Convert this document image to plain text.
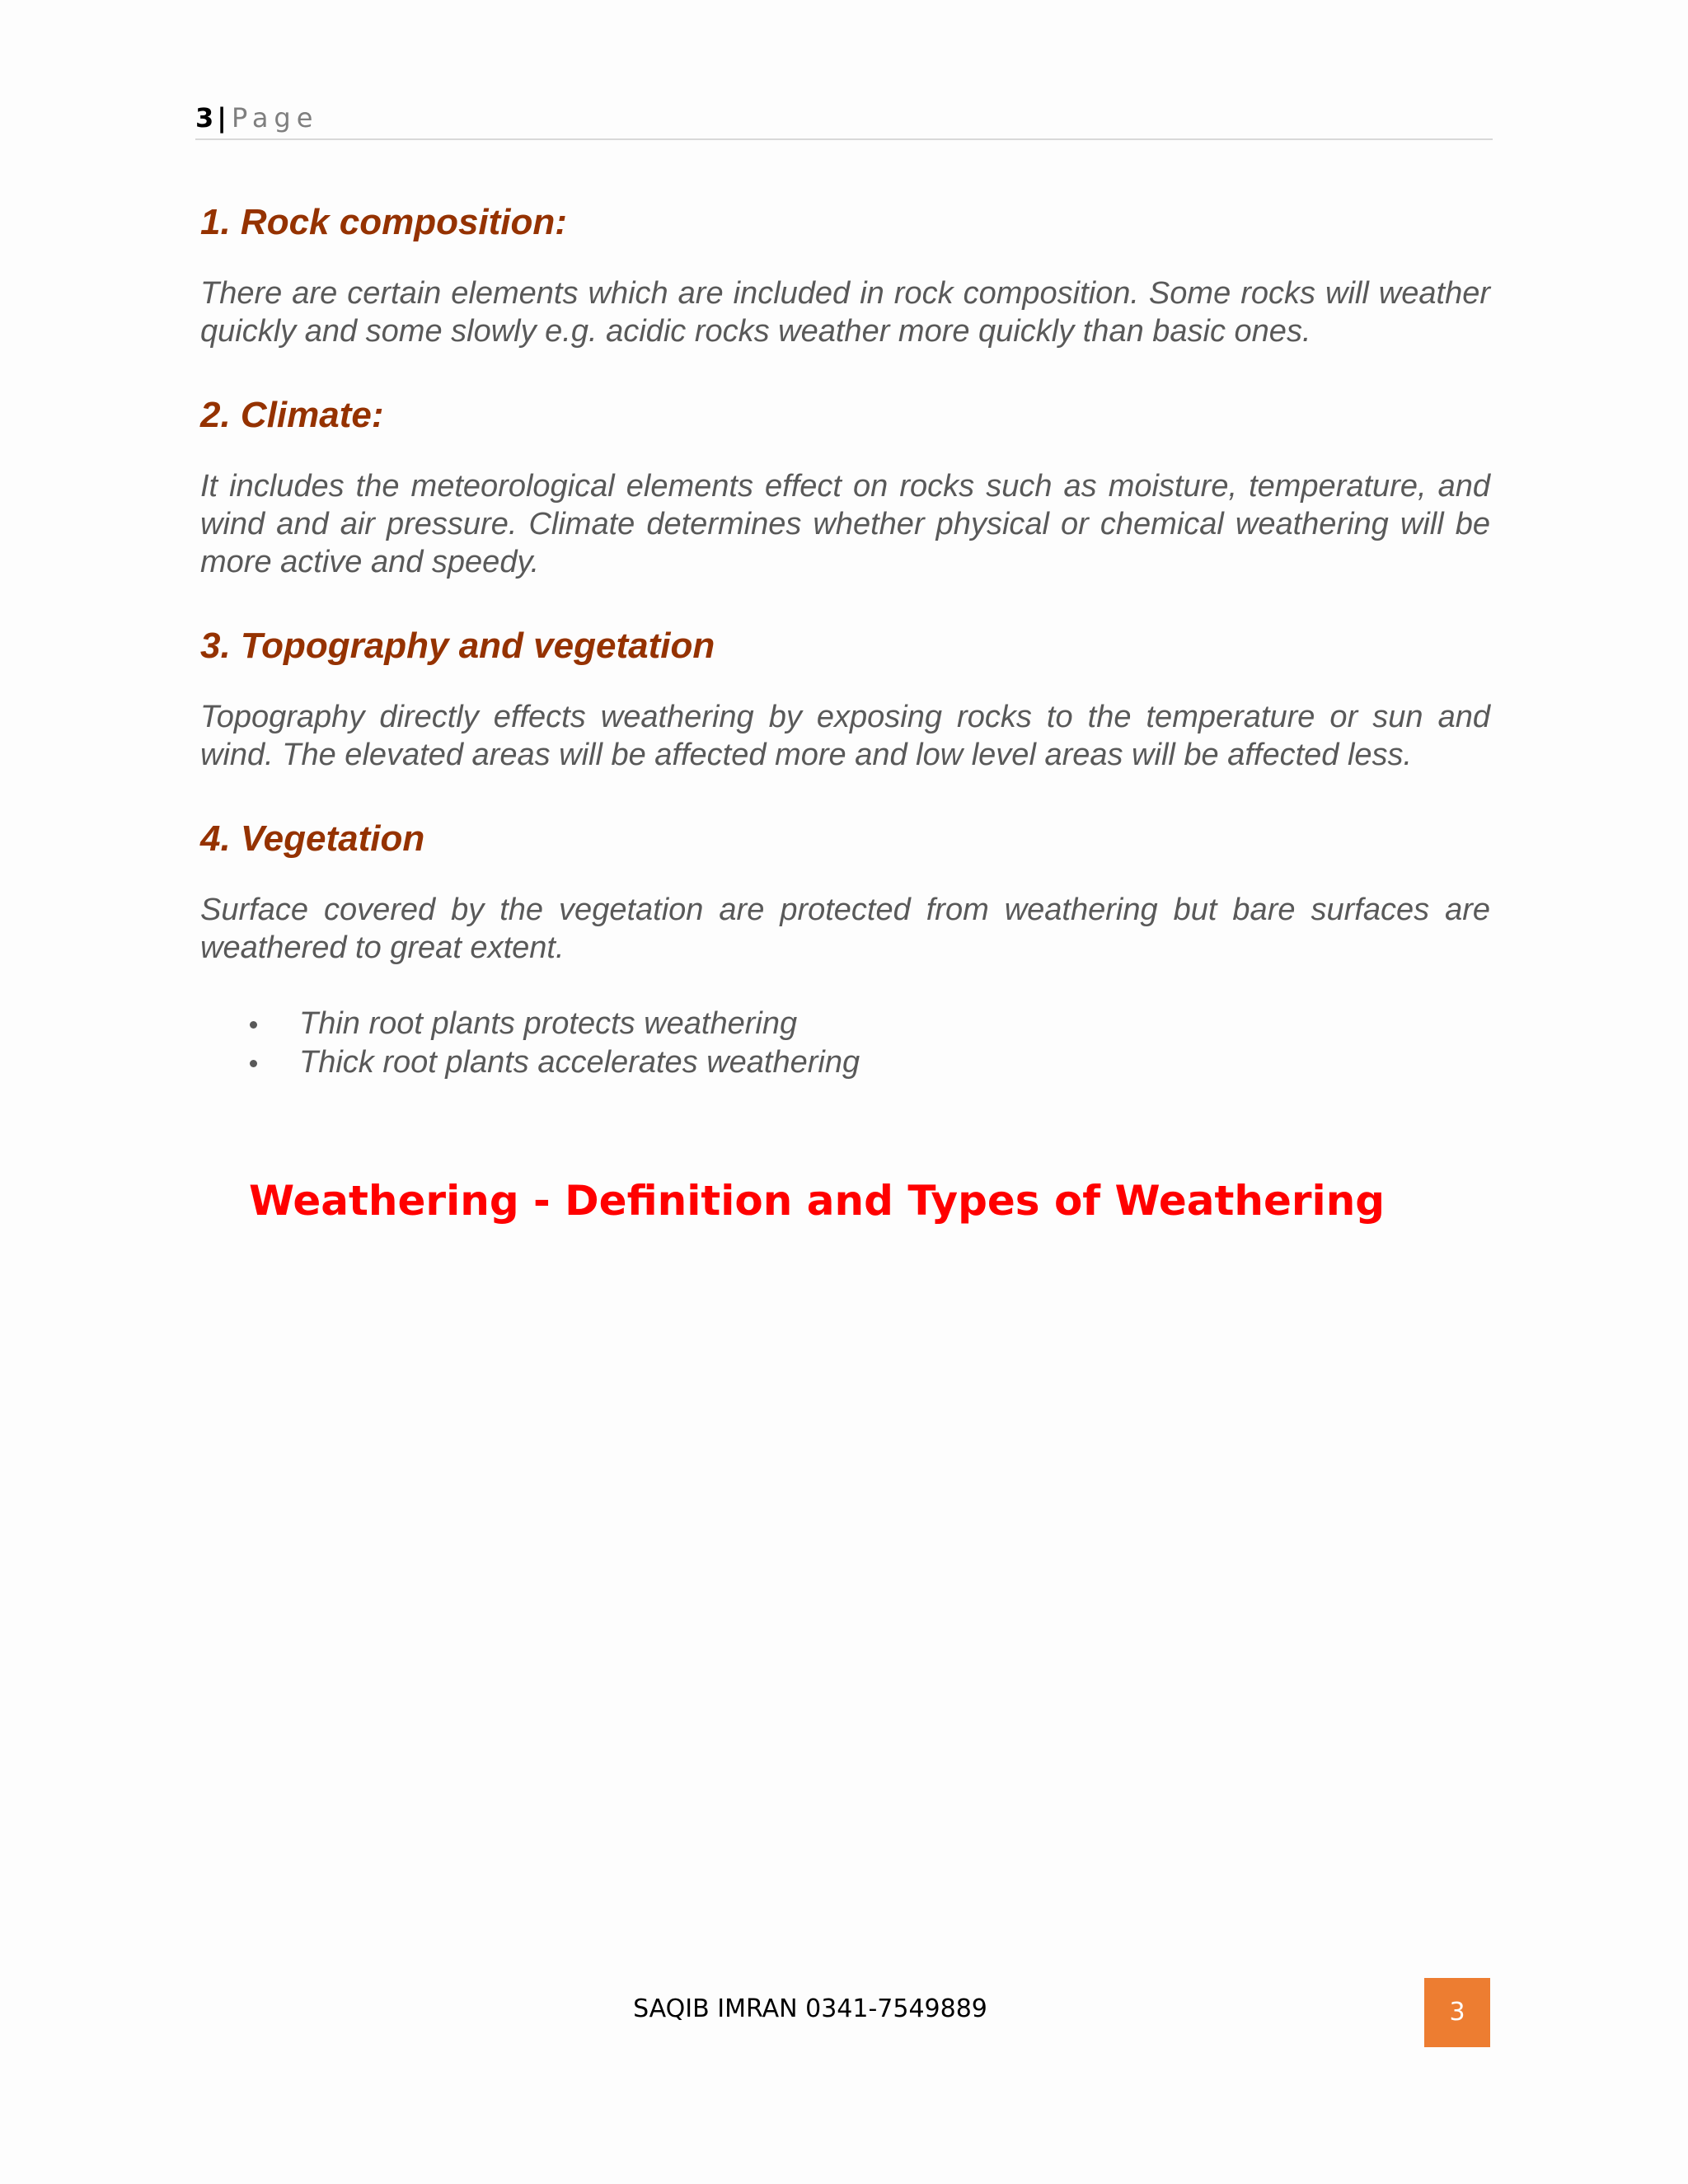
3 | Page
1. Rock composition:

There are certain elements which are included in rock composition. Some rocks will weather quickly and some slowly e.g. acidic rocks weather more quickly than basic ones.

2. Climate:

It includes the meteorological elements effect on rocks such as moisture, temperature, and wind and air pressure. Climate determines whether physical or chemical weathering will be more active and speedy.

3. Topography and vegetation

Topography directly effects weathering by exposing rocks to the temperature or sun and wind. The elevated areas will be affected more and low level areas will be affected less.

4. Vegetation

Surface covered by the vegetation are protected from weathering but bare surfaces are weathered to great extent.

Thin root plants protects weathering
Thick root plants accelerates weathering
Weathering - Definition and Types of Weathering
SAQIB IMRAN 0341-7549889	3
